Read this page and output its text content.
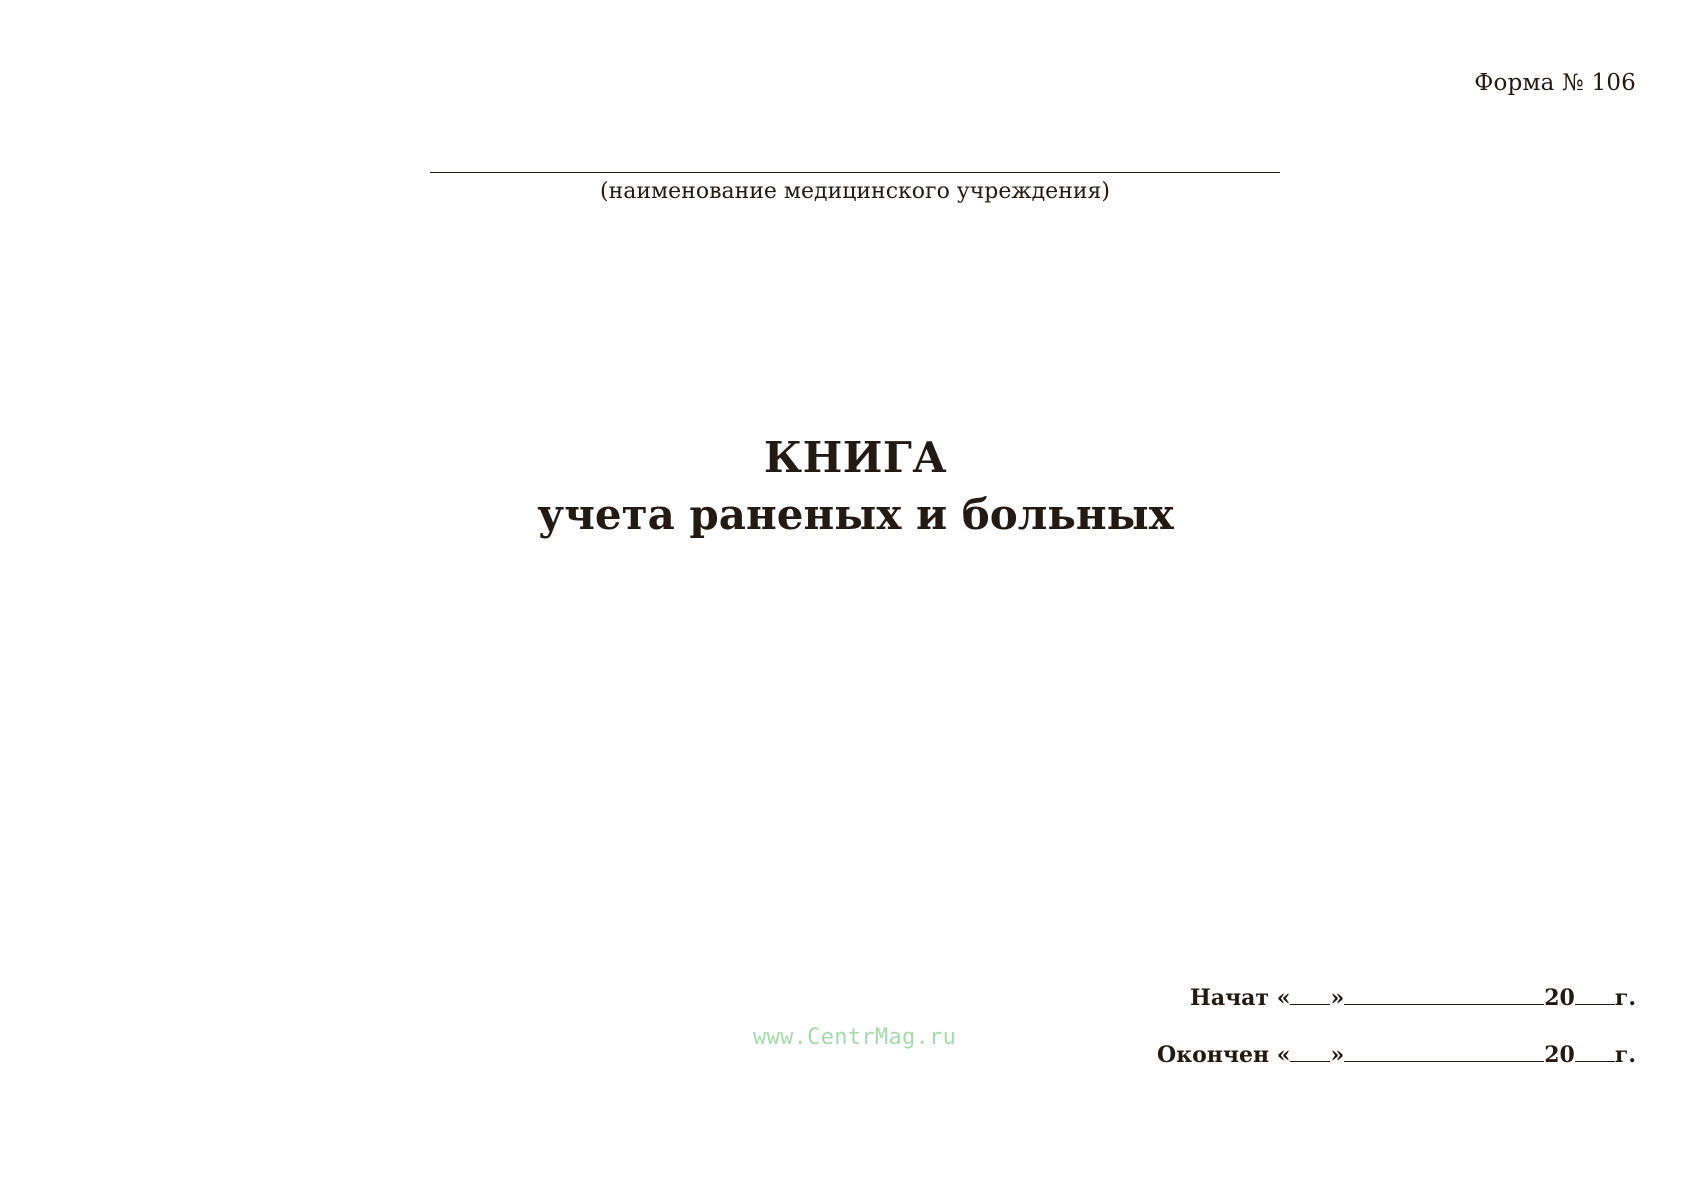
Форма № 106
(наименование медицинского учреждения)
КНИГА
учета раненых и больных
www.CentrMag.ru
Начат « »	20 г.
Окончен « »	20 г.
